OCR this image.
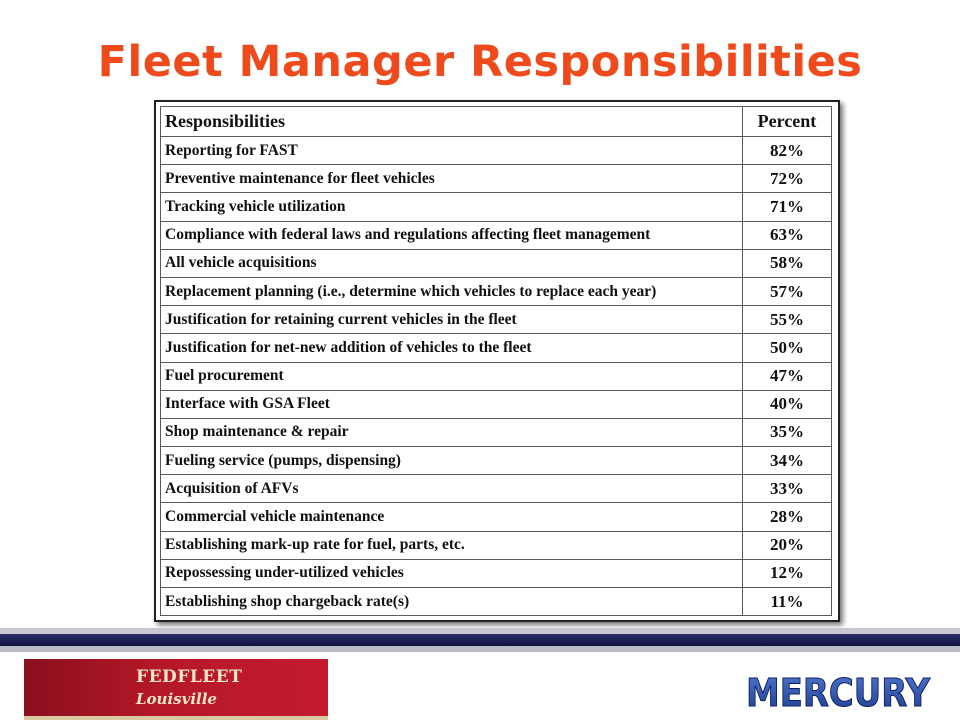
Fleet Manager Responsibilities
Responsibilities	Percent
Reporting for FAST	82%
Preventive maintenance for fleet vehicles	72%
Tracking vehicle utilization	71%
Compliance with federal laws and regulations affecting fleet management	63%
All vehicle acquisitions	58%
Replacement planning (i.e., determine which vehicles to replace each year)	57%
Justification for retaining current vehicles in the fleet	55%
Justification for net-new addition of vehicles to the fleet	50%
Fuel procurement	47%
Interface with GSA Fleet	40%
Shop maintenance & repair	35%
Fueling service (pumps, dispensing)	34%
Acquisition of AFVs	33%
Commercial vehicle maintenance	28%
Establishing mark-up rate for fuel, parts, etc.	20%
Repossessing under-utilized vehicles	12%
Establishing shop chargeback rate(s)	11%
FEDFLEET
Louisville	MERCURY
